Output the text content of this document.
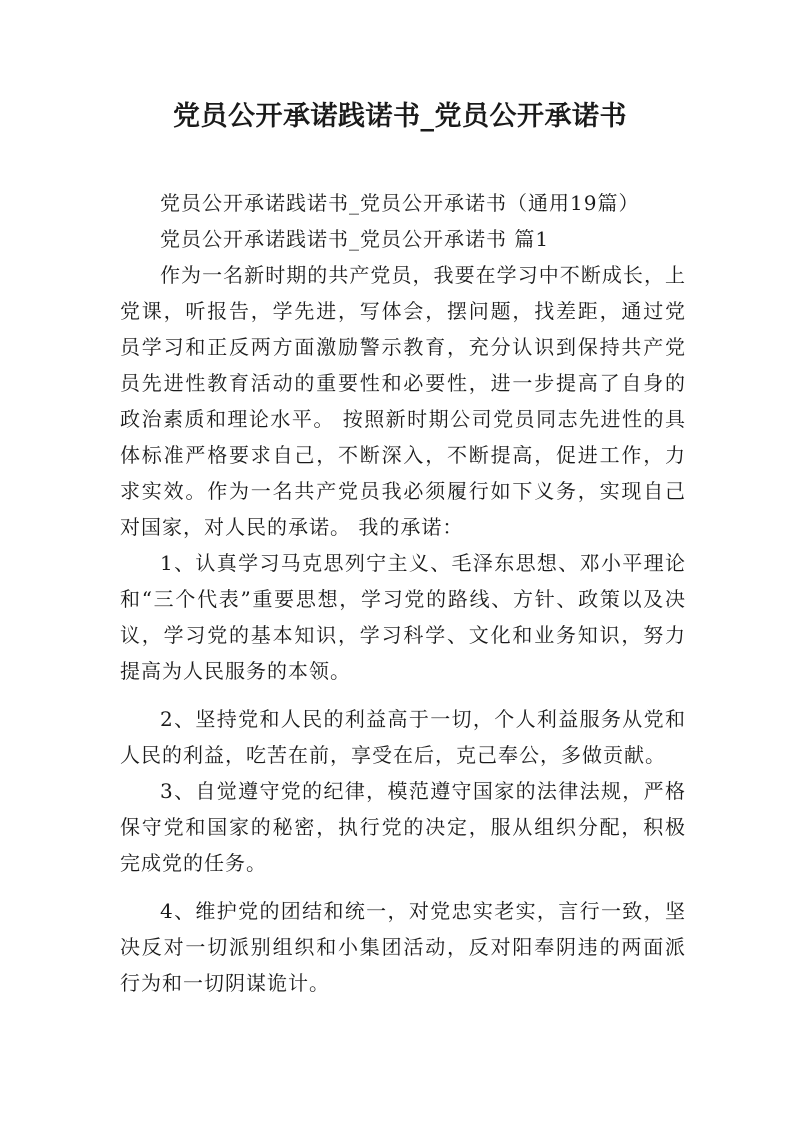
党员公开承诺践诺书_党员公开承诺书

党员公开承诺践诺书_党员公开承诺书（通用19篇）

党员公开承诺践诺书_党员公开承诺书 篇1

作为一名新时期的共产党员，我要在学习中不断成长，上党课，听报告，学先进，写体会，摆问题，找差距，通过党员学习和正反两方面激励警示教育，充分认识到保持共产党员先进性教育活动的重要性和必要性，进一步提高了自身的政治素质和理论水平。 按照新时期公司党员同志先进性的具体标准严格要求自己，不断深入，不断提高，促进工作，力求实效。作为一名共产党员我必须履行如下义务，实现自己对国家，对人民的承诺。 我的承诺：

1、认真学习马克思列宁主义、毛泽东思想、邓小平理论和“三个代表”重要思想，学习党的路线、方针、政策以及决议，学习党的基本知识，学习科学、文化和业务知识，努力提高为人民服务的本领。

2、坚持党和人民的利益高于一切，个人利益服务从党和人民的利益，吃苦在前，享受在后，克己奉公，多做贡献。

3、自觉遵守党的纪律，模范遵守国家的法律法规，严格保守党和国家的秘密，执行党的决定，服从组织分配，积极完成党的任务。

4、维护党的团结和统一，对党忠实老实，言行一致，坚决反对一切派别组织和小集团活动，反对阳奉阴违的两面派行为和一切阴谋诡计。
